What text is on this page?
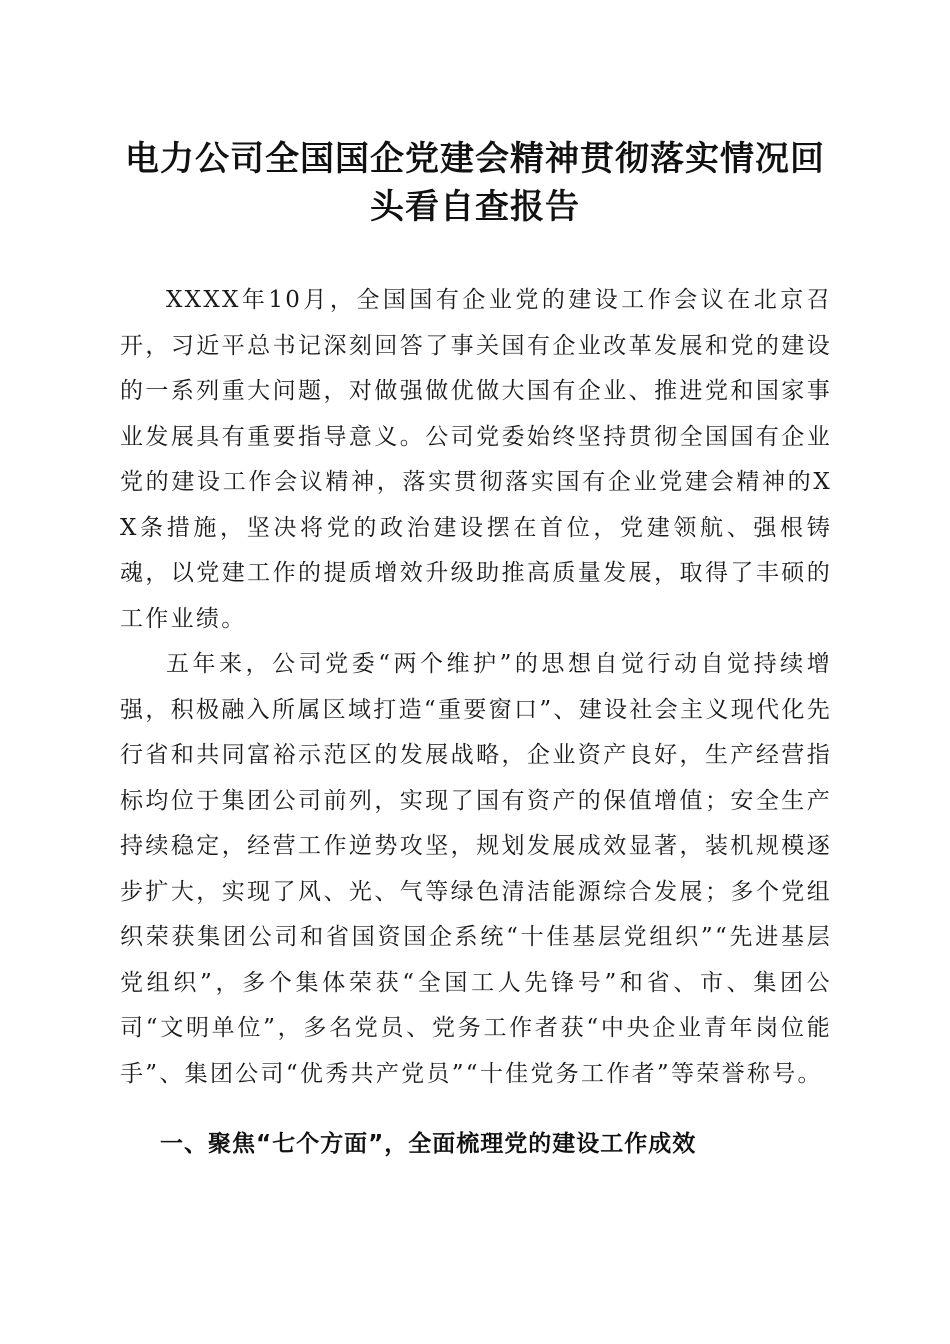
电力公司全国国企党建会精神贯彻落实情况回
头看自查报告

XXXX年10月，全国国有企业党的建设工作会议在北京召开，习近平总书记深刻回答了事关国有企业改革发展和党的建设的一系列重大问题，对做强做优做大国有企业、推进党和国家事业发展具有重要指导意义。公司党委始终坚持贯彻全国国有企业党的建设工作会议精神，落实贯彻落实国有企业党建会精神的XX条措施，坚决将党的政治建设摆在首位，党建领航、强根铸魂，以党建工作的提质增效升级助推高质量发展，取得了丰硕的工作业绩。

五年来，公司党委“两个维护”的思想自觉行动自觉持续增强，积极融入所属区域打造“重要窗口”、建设社会主义现代化先行省和共同富裕示范区的发展战略，企业资产良好，生产经营指标均位于集团公司前列，实现了国有资产的保值增值；安全生产持续稳定，经营工作逆势攻坚，规划发展成效显著，装机规模逐步扩大，实现了风、光、气等绿色清洁能源综合发展；多个党组织荣获集团公司和省国资国企系统“十佳基层党组织”“先进基层党组织”，多个集体荣获“全国工人先锋号”和省、市、集团公司“文明单位”，多名党员、党务工作者获“中央企业青年岗位能手”、集团公司“优秀共产党员”“十佳党务工作者”等荣誉称号。

一、聚焦“七个方面”，全面梳理党的建设工作成效
